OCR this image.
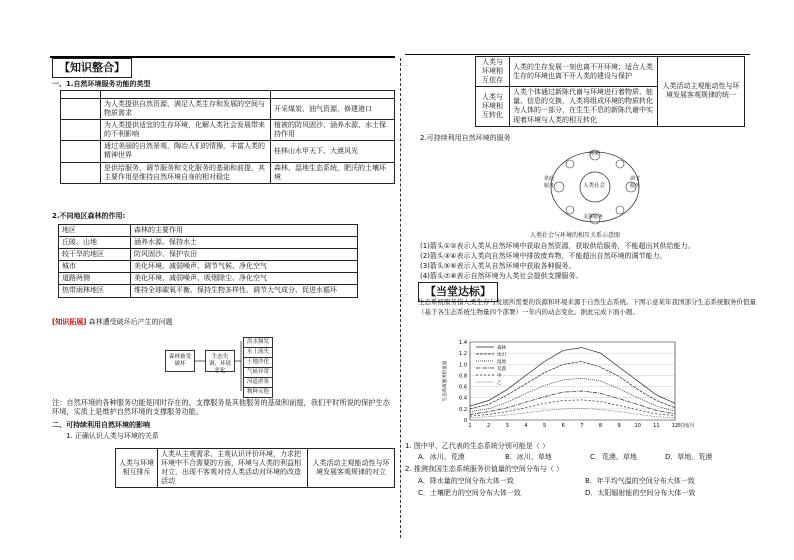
【知识整合】
一、1.自然环境服务功能的类型

	为人类提供自然资源，满足人类生存和发展的空间与物质需求	开采煤炭、油气资源，修建港口
	为人类提供适宜的生存环境，化解人类社会发展带来的不利影响	植被的防风固沙、涵养水源、水土保持作用
	通过美丽的自然景观，陶冶人们的情操，丰富人类的精神世界	桂林山水甲天下、大漠风光
	是供给服务、调节服务和文化服务的基础和前提，其主要作用是维持自然环境自身的相对稳定	森林、湿地生态系统，肥沃的土壤环境
2.不同地区森林的作用:
地区	森林的主要作用
丘陵、山地	涵养水源、保持水土
较干旱的地区	防风固沙、保护农田
城市	美化环境、减弱噪声、调节气候、净化空气
道路两侧	美化环境、减弱噪声、吸烟除尘、净化空气
热带雨林地区	维持全球碳氧平衡、保持生物多样性、调节大气成分、促进水循环
[知识拓展] 森林遭受破坏后产生的问题
森林被受破坏
生态失调、环境恶化
洪水频发
水土流失
土地沙化
气候异常
河道淤塞
物种灭绝
注：自然环境的各种服务功能是同时存在的，支撑服务是其他服务的基础和前提，我们平时所说的保护生态环境，实质上是维护自然环境的支撑服务功能。
二、可持续利用自然环境的影响
1. 正确认识人类与环境的关系
人类与环境相互排斥	人类从主观需求、主观认识评价环境，力求把环境中不合需要的方面，环境与人类的利益相对立，出现不客观对待人类活动对环境的改造活动	人类活动主观能动性与环境发展客观规律的对立
人类与环境相互依存	人类的生存发展一刻也离不开环境；适合人类生存的环境也离不开人类的建设与保护	人类活动主观能动性与环境发展客观规律的统一
人类与环境相互转化	人类个体通过新陈代谢与环境进行着物质、能量、信息的交换，人类将组成环境的物质转化为人体的一部分，在生生不息的新陈代谢中实现着环境与人类的相互转化	
2.可持续利用自然环境的服务
人类社会
环境
支撑服务
供给服务
调节服务
人类社会与环境的相互关系示意图
(1)箭头①②表示人类从自然环境中获取自然资源，获取供给服务，不能超出其供给能力。
(2)箭头③④表示人类向自然环境中排放废弃物，不能超出自然环境的调节能力。
(3)箭头⑤⑥表示人类从自然环境中获取各种服务。
(4)箭头⑦⑧表示自然环境为人类社会提供支撑服务。
【当堂达标】
生态系统服务指人类生存与发展所需要的资源和环境来源于自然生态系统。下图示意某年我国部分生态系统服务价值量（基于各生态系统生物量四个部署）一年内的动态变化。据此完成下面小题。
0
0.2
0.4
0.6
0.8
1.0
1.2
1.4
1	2	3	4	5	6	7	8	9	10 11 12 时间/月
生态系统服务价值量
森林
冰川
湿地
荒漠
甲
乙
1. 图中甲、乙代表的生态系统分别可能是（ ）
A．冰川、荒漠	B．冰川、草地	C．荒漠、草地	D．草地、荒漠
2. 推测我国生态系统服务价值量的空间分布与（ ）
A．降水量的空间分布大体一致	B．年平均气温的空间分布大体一致
C．土壤肥力的空间分布大体一致	D．太阳辐射能的空间分布大体一致
